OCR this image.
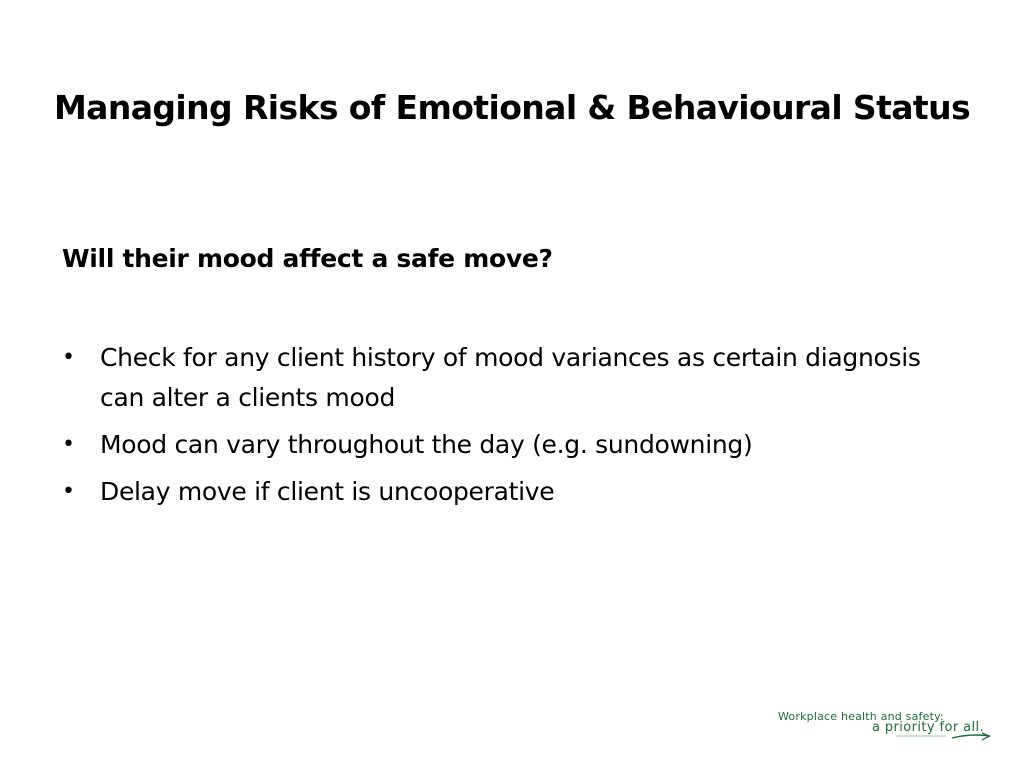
Managing Risks of Emotional & Behavioural Status

Will their mood affect a safe move?

• Check for any client history of mood variances as certain diagnosis can alter a clients mood
• Mood can vary throughout the day (e.g. sundowning)
• Delay move if client is uncooperative
Workplace health and safety:
a priority for all.
